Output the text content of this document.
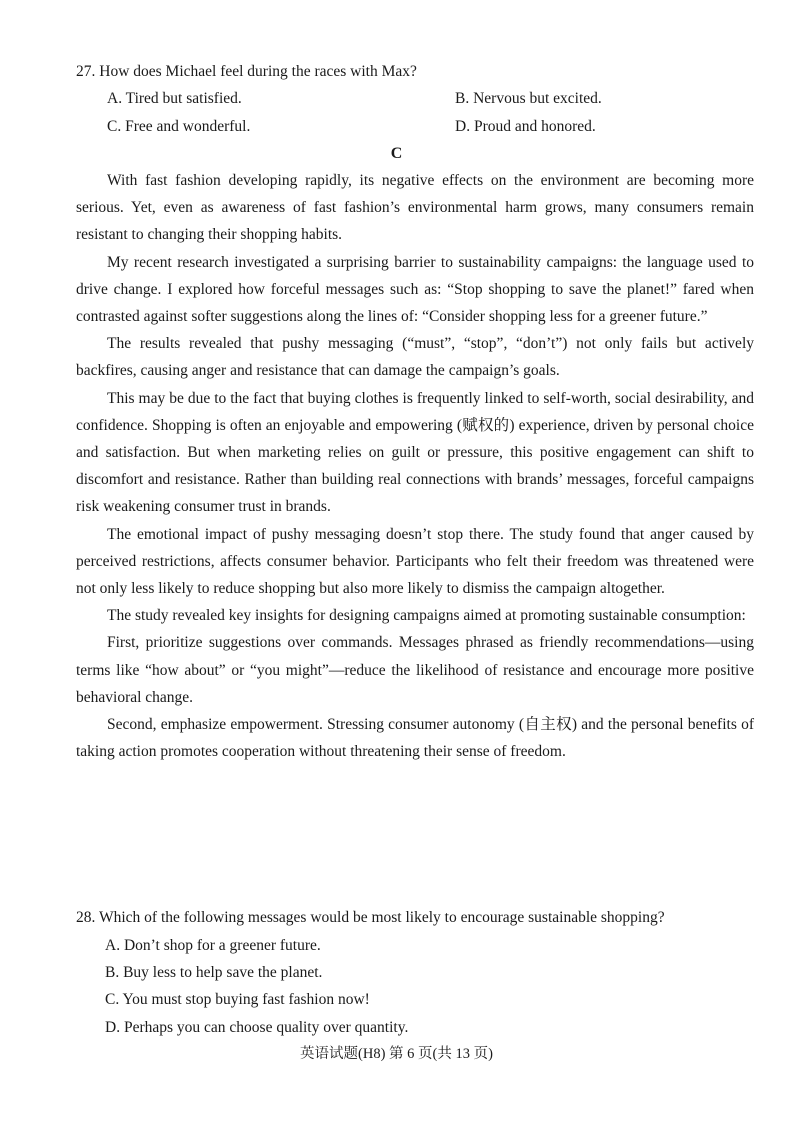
27. How does Michael feel during the races with Max?
A. Tired but satisfied.	B. Nervous but excited.
C. Free and wonderful.	D. Proud and honored.
C

With fast fashion developing rapidly, its negative effects on the environment are becoming more serious. Yet, even as awareness of fast fashion’s environmental harm grows, many consumers remain resistant to changing their shopping habits.

My recent research investigated a surprising barrier to sustainability campaigns: the language used to drive change. I explored how forceful messages such as: “Stop shopping to save the planet!” fared when contrasted against softer suggestions along the lines of: “Consider shopping less for a greener future.”

The results revealed that pushy messaging (“must”, “stop”, “don’t”) not only fails but actively backfires, causing anger and resistance that can damage the campaign’s goals.

This may be due to the fact that buying clothes is frequently linked to self-worth, social desirability, and confidence. Shopping is often an enjoyable and empowering (赋权的) experience, driven by personal choice and satisfaction. But when marketing relies on guilt or pressure, this positive engagement can shift to discomfort and resistance. Rather than building real connections with brands’ messages, forceful campaigns risk weakening consumer trust in brands.

The emotional impact of pushy messaging doesn’t stop there. The study found that anger caused by perceived restrictions, affects consumer behavior. Participants who felt their freedom was threatened were not only less likely to reduce shopping but also more likely to dismiss the campaign altogether.

The study revealed key insights for designing campaigns aimed at promoting sustainable consumption:

First, prioritize suggestions over commands. Messages phrased as friendly recommendations—using terms like “how about” or “you might”—reduce the likelihood of resistance and encourage more positive behavioral change.

Second, emphasize empowerment. Stressing consumer autonomy (自主权) and the personal benefits of taking action promotes cooperation without threatening their sense of freedom.

28. Which of the following messages would be most likely to encourage sustainable shopping?
A. Don’t shop for a greener future.
B. Buy less to help save the planet.
C. You must stop buying fast fashion now!
D. Perhaps you can choose quality over quantity.
英语试题(H8) 第 6 页(共 13 页)
